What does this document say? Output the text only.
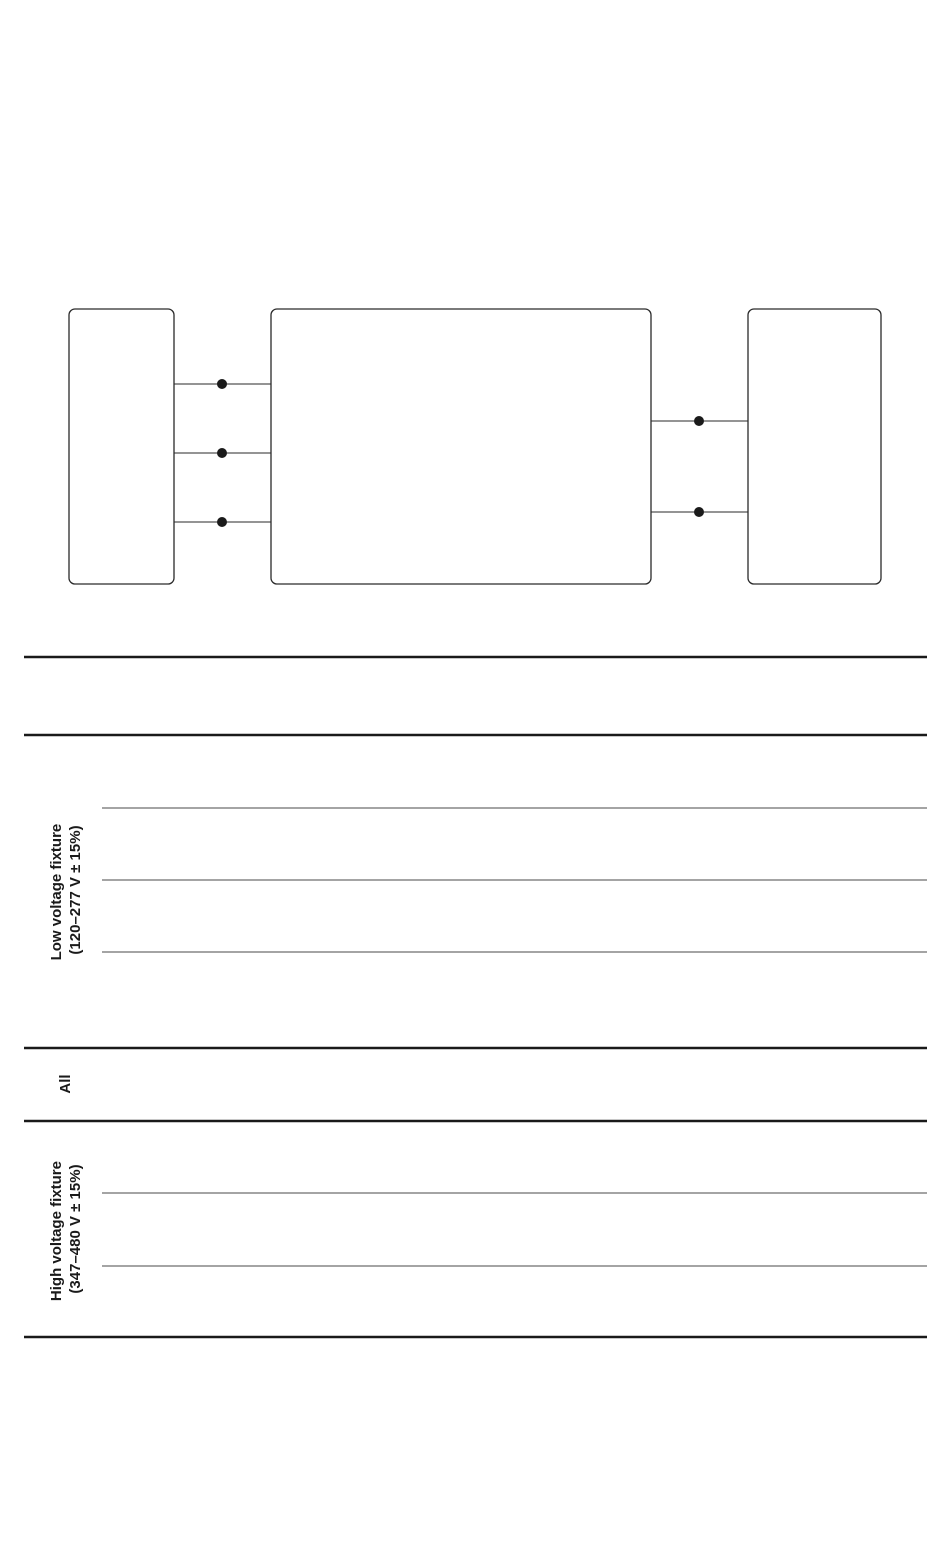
Low voltage fixture (120–277 V ± 15%)
All
High voltage fixture (347–480 V ± 15%)
